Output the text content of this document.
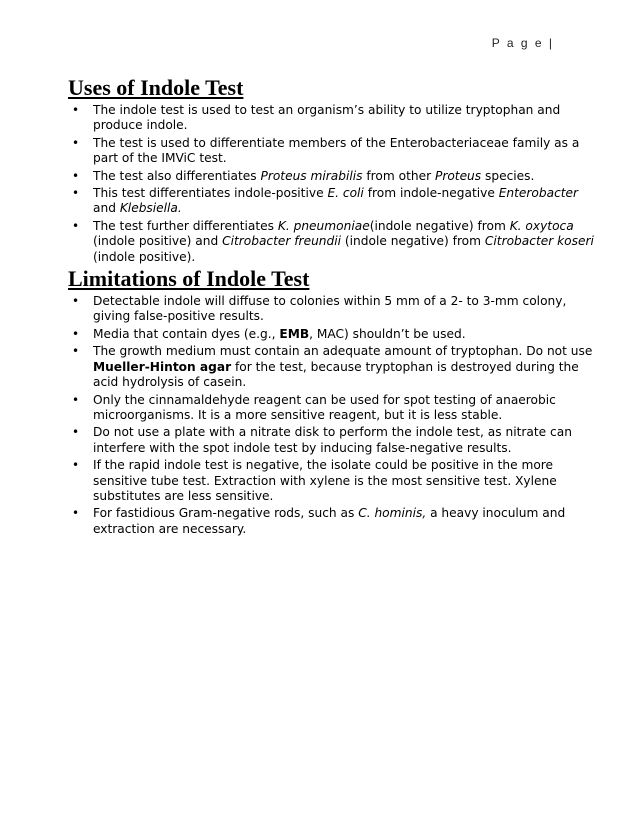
P a g e |
Uses of Indole Test
• The indole test is used to test an organism’s ability to utilize tryptophan and produce indole.
• The test is used to differentiate members of the Enterobacteriaceae family as a part of the IMViC test.
• The test also differentiates Proteus mirabilis from other Proteus species.
• This test differentiates indole-positive E. coli from indole-negative Enterobacter and Klebsiella.
• The test further differentiates K. pneumoniae(indole negative) from K. oxytoca (indole positive) and Citrobacter freundii (indole negative) from Citrobacter koseri (indole positive).
Limitations of Indole Test
• Detectable indole will diffuse to colonies within 5 mm of a 2- to 3-mm colony, giving false-positive results.
• Media that contain dyes (e.g., EMB, MAC) shouldn’t be used.
• The growth medium must contain an adequate amount of tryptophan. Do not use Mueller-Hinton agar for the test, because tryptophan is destroyed during the acid hydrolysis of casein.
• Only the cinnamaldehyde reagent can be used for spot testing of anaerobic microorganisms. It is a more sensitive reagent, but it is less stable.
• Do not use a plate with a nitrate disk to perform the indole test, as nitrate can interfere with the spot indole test by inducing false-negative results.
• If the rapid indole test is negative, the isolate could be positive in the more sensitive tube test. Extraction with xylene is the most sensitive test. Xylene substitutes are less sensitive.
• For fastidious Gram-negative rods, such as C. hominis, a heavy inoculum and extraction are necessary.
